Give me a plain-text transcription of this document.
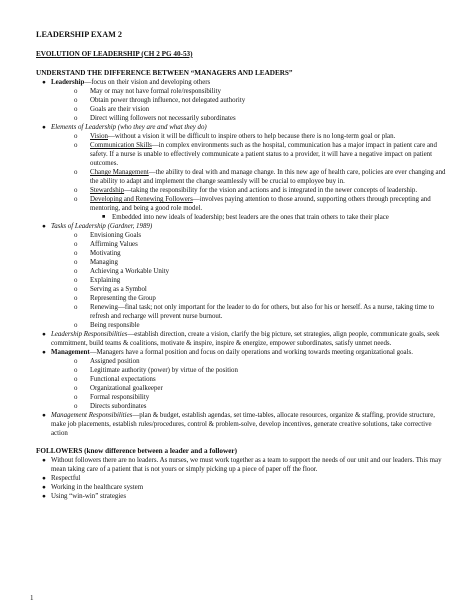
LEADERSHIP EXAM 2
EVOLUTION OF LEADERSHIP (CH 2 PG 40-53)
UNDERSTAND THE DIFFERENCE BETWEEN “MANAGERS AND LEADERS”
● Leadership—focus on their vision and developing others
o May or may not have formal role/responsibility
o Obtain power through influence, not delegated authority
o Goals are their vision
o Direct willing followers not necessarily subordinates
● Elements of Leadership (who they are and what they do)
o Vision—without a vision it will be difficult to inspire others to help because there is no long-term goal or plan.
o Communication Skills—in complex environments such as the hospital, communication has a major impact in patient care and safety. If a nurse is unable to effectively communicate a patient status to a provider, it will have a negative impact on patient outcomes.
o Change Management—the ability to deal with and manage change. In this new age of health care, policies are ever changing and the ability to adapt and implement the change seamlessly will be crucial to employee buy in.
o Stewardship—taking the responsibility for the vision and actions and is integrated in the newer concepts of leadership.
o Developing and Renewing Followers—involves paying attention to those around, supporting others through precepting and mentoring, and being a good role model.
■ Embedded into new ideals of leadership; best leaders are the ones that train others to take their place
● Tasks of Leadership (Gardner, 1989)
o Envisioning Goals
o Affirming Values
o Motivating
o Managing
o Achieving a Workable Unity
o Explaining
o Serving as a Symbol
o Representing the Group
o Renewing—final task; not only important for the leader to do for others, but also for his or herself. As a nurse, taking time to refresh and recharge will prevent nurse burnout.
o Being responsible
● Leadership Responsibilities—establish direction, create a vision, clarify the big picture, set strategies, align people, communicate goals, seek commitment, build teams & coalitions, motivate & inspire, inspire & energize, empower subordinates, satisfy unmet needs.
● Management—Managers have a formal position and focus on daily operations and working towards meeting organizational goals.
o Assigned position
o Legitimate authority (power) by virtue of the position
o Functional expectations
o Organizational goalkeeper
o Formal responsibility
o Directs subordinates
● Management Responsibilities—plan & budget, establish agendas, set time-tables, allocate resources, organize & staffing, provide structure, make job placements, establish rules/procedures, control & problem-solve, develop incentives, generate creative solutions, take corrective action
FOLLOWERS (know difference between a leader and a follower)
● Without followers there are no leaders. As nurses, we must work together as a team to support the needs of our unit and our leaders. This may mean taking care of a patient that is not yours or simply picking up a piece of paper off the floor.
● Respectful
● Working in the healthcare system
● Using “win-win” strategies
1
